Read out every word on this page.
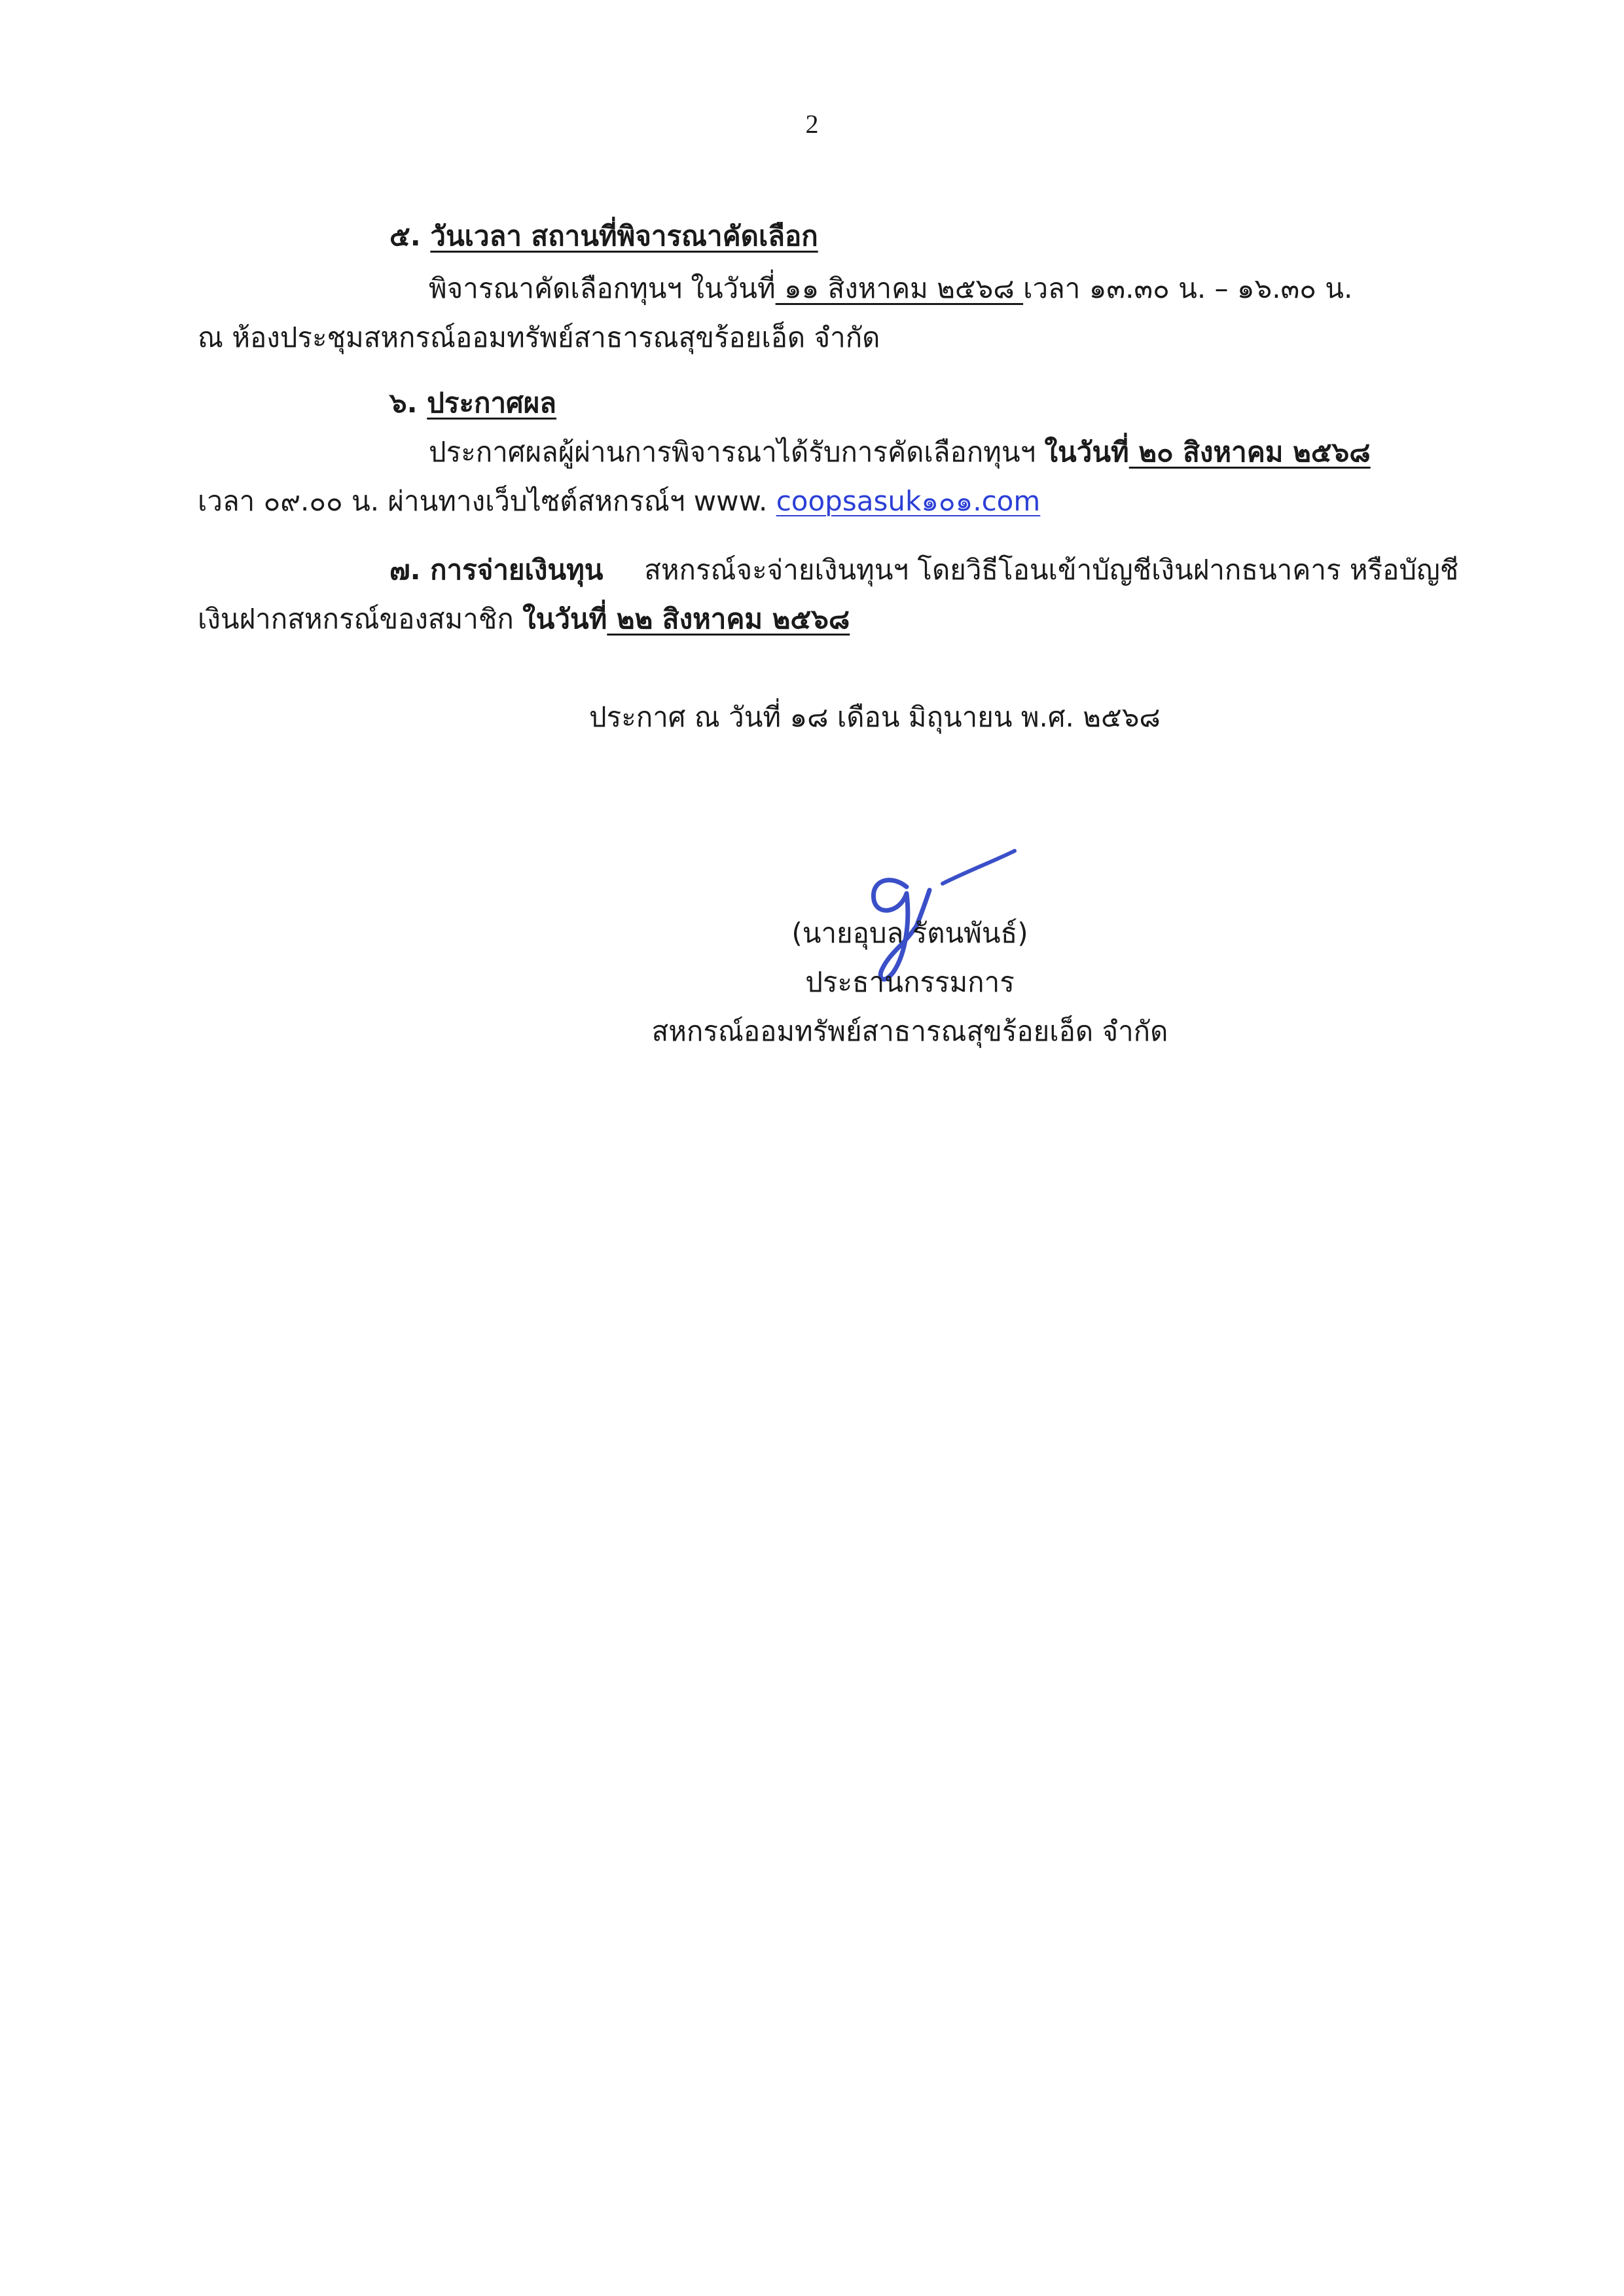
2
๕. วันเวลา สถานที่พิจารณาคัดเลือก
พิจารณาคัดเลือกทุนฯ ในวันที่ ๑๑ สิงหาคม ๒๕๖๘ เวลา ๑๓.๓๐ น. – ๑๖.๓๐ น.
ณ ห้องประชุมสหกรณ์ออมทรัพย์สาธารณสุขร้อยเอ็ด จำกัด
๖. ประกาศผล
ประกาศผลผู้ผ่านการพิจารณาได้รับการคัดเลือกทุนฯ ในวันที่ ๒๐ สิงหาคม ๒๕๖๘
เวลา ๐๙.๐๐ น. ผ่านทางเว็บไซต์สหกรณ์ฯ www. coopsasuk๑๐๑.com
๗. การจ่ายเงินทุน สหกรณ์จะจ่ายเงินทุนฯ โดยวิธีโอนเข้าบัญชีเงินฝากธนาคาร หรือบัญชี
เงินฝากสหกรณ์ของสมาชิก ในวันที่ ๒๒ สิงหาคม ๒๕๖๘
ประกาศ ณ วันที่ ๑๘ เดือน มิถุนายน พ.ศ. ๒๕๖๘
(นายอุบล รัตนพันธ์)
ประธานกรรมการ
สหกรณ์ออมทรัพย์สาธารณสุขร้อยเอ็ด จำกัด
